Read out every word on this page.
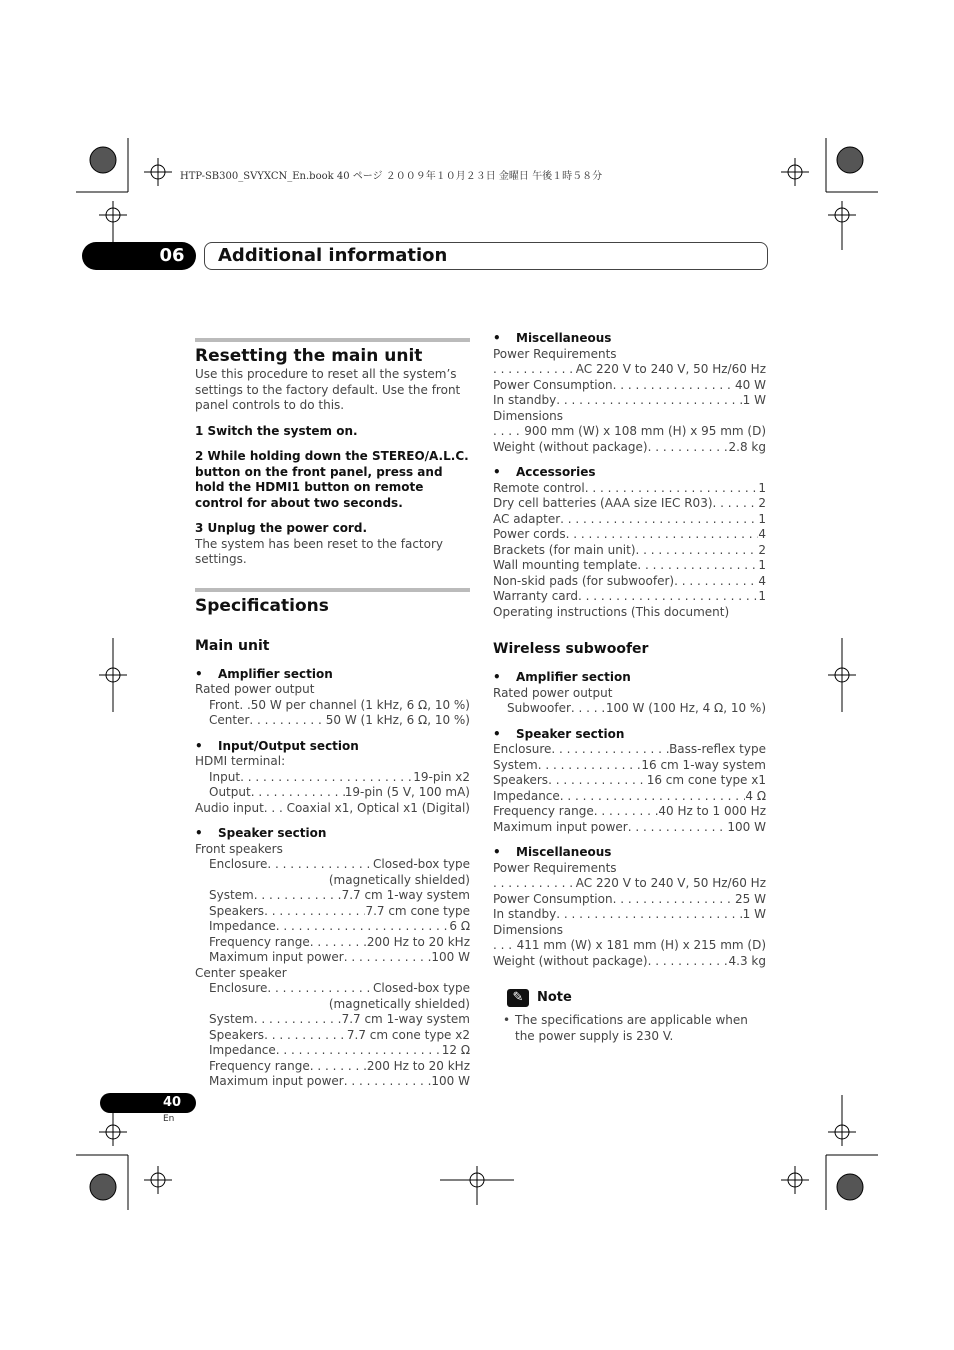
HTP-SB300_SVYXCN_En.book 40 ページ ２００９年１０月２３日 金曜日 午後１時５８分
06	Additional information
Resetting the main unit
Use this procedure to reset all the system’s settings to the factory default. Use the front panel controls to do this.
1 Switch the system on.
2 While holding down the STEREO/A.L.C. button on the front panel, press and hold the HDMI1 button on remote control for about two seconds.
3 Unplug the power cord.
The system has been reset to the factory settings.
Specifications
Main unit
• Amplifier section
Rated power output
Front . . . 50 W per channel (1 kHz, 6 Ω, 10 %)
Center . . .	50 W (1 kHz, 6 Ω, 10 %)
• Input/Output section
HDMI terminal:
Input . . .	19-pin x2
Output . . .	19-pin (5 V, 100 mA)
Audio input . . . Coaxial x1, Optical x1 (Digital)
• Speaker section
Front speakers
Enclosure . . .	Closed-box type
(magnetically shielded)
System . . .	7.7 cm 1-way system
Speakers . . .	7.7 cm cone type
Impedance . . .	6 Ω
Frequency range . . .	200 Hz to 20 kHz
Maximum input power . . .	100 W
Center speaker
Enclosure . . .	Closed-box type
(magnetically shielded)
System . . .	7.7 cm 1-way system
Speakers . . .	7.7 cm cone type x2
Impedance . . .	12 Ω
Frequency range . . .	200 Hz to 20 kHz
Maximum input power . . .	100 W
• Miscellaneous
Power Requirements
. . .
AC 220 V to 240 V, 50 Hz/60 Hz
Power Consumption . . .	40 W
In standby . . .	1 W
Dimensions
. . .
900 mm (W) x 108 mm (H) x 95 mm (D)
Weight (without package) . . .	2.8 kg
• Accessories
Remote control . . .	1
Dry cell batteries (AAA size IEC R03) . . .	2
AC adapter . . .	1
Power cords . . .	4
Brackets (for main unit) . . .	2
Wall mounting template . . .	1
Non-skid pads (for subwoofer) . . .	4
Warranty card . . .	1
Operating instructions (This document)
Wireless subwoofer
• Amplifier section
Rated power output
Subwoofer . . .	100 W (100 Hz, 4 Ω, 10 %)
• Speaker section
Enclosure . . .	Bass-reflex type
System . . .	16 cm 1-way system
Speakers . . .	16 cm cone type x1
Impedance . . .	4 Ω
Frequency range . . .	40 Hz to 1 000 Hz
Maximum input power . . .	100 W
• Miscellaneous
Power Requirements
. . .
AC 220 V to 240 V, 50 Hz/60 Hz
Power Consumption . . .	25 W
In standby . . .	1 W
Dimensions
. . .
411 mm (W) x 181 mm (H) x 215 mm (D)
Weight (without package) . . .	4.3 kg
✎	Note
• The specifications are applicable when the power supply is 230 V.
40
En
